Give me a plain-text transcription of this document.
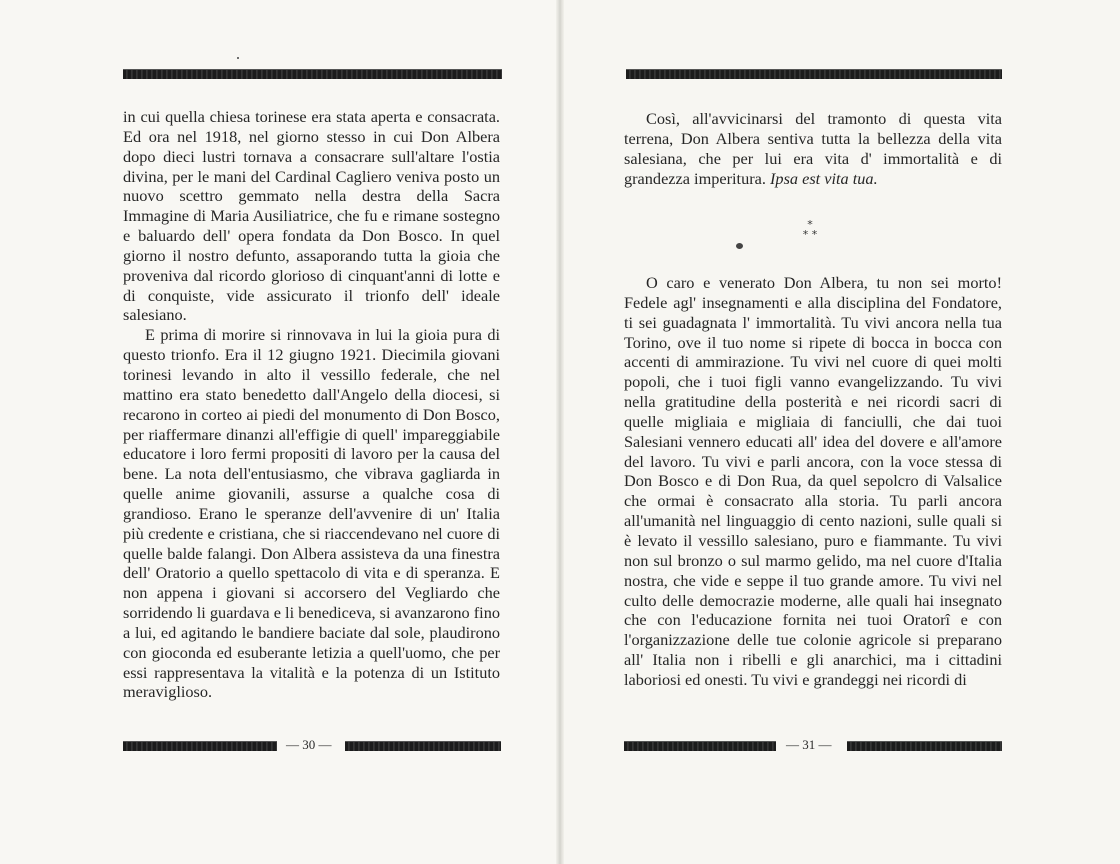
in cui quella chiesa torinese era stata aperta e consacrata. Ed ora nel 1918, nel giorno stesso in cui Don Albera dopo dieci lustri tornava a consacrare sull'altare l'ostia divina, per le mani del Cardinal Cagliero veniva posto un nuovo scettro gemmato nella destra della Sacra Immagine di Maria Ausiliatrice, che fu e rimane sostegno e baluardo dell' opera fondata da Don Bosco. In quel giorno il nostro defunto, assaporando tutta la gioia che proveniva dal ricordo glorioso di cinquant'anni di lotte e di conquiste, vide assicurato il trionfo dell' ideale salesiano.

E prima di morire si rinnovava in lui la gioia pura di questo trionfo. Era il 12 giugno 1921. Diecimila giovani torinesi levando in alto il vessillo federale, che nel mattino era stato benedetto dall'Angelo della diocesi, si recarono in corteo ai piedi del monumento di Don Bosco, per riaffermare dinanzi all'effigie di quell' impareggiabile educatore i loro fermi propositi di lavoro per la causa del bene. La nota dell'entusiasmo, che vibrava gagliarda in quelle anime giovanili, assurse a qualche cosa di grandioso. Erano le speranze dell'avvenire di un' Italia più credente e cristiana, che si riaccendevano nel cuore di quelle balde falangi. Don Albera assisteva da una finestra dell' Oratorio a quello spettacolo di vita e di speranza. E non appena i giovani si accorsero del Vegliardo che sorridendo li guardava e li benediceva, si avanzarono fino a lui, ed agitando le bandiere baciate dal sole, plaudirono con gioconda ed esuberante letizia a quell'uomo, che per essi rappresentava la vitalità e la potenza di un Istituto meraviglioso.

— 30 —

Così, all'avvicinarsi del tramonto di questa vita terrena, Don Albera sentiva tutta la bellezza della vita salesiana, che per lui era vita d' immortalità e di grandezza imperitura. Ipsa est vita tua.

O caro e venerato Don Albera, tu non sei morto! Fedele agl' insegnamenti e alla disciplina del Fondatore, ti sei guadagnata l' immortalità. Tu vivi ancora nella tua Torino, ove il tuo nome si ripete di bocca in bocca con accenti di ammirazione. Tu vivi nel cuore di quei molti popoli, che i tuoi figli vanno evangelizzando. Tu vivi nella gratitudine della posterità e nei ricordi sacri di quelle migliaia e migliaia di fanciulli, che dai tuoi Salesiani vennero educati all' idea del dovere e all'amore del lavoro. Tu vivi e parli ancora, con la voce stessa di Don Bosco e di Don Rua, da quel sepolcro di Valsalice che ormai è consacrato alla storia. Tu parli ancora all'umanità nel linguaggio di cento nazioni, sulle quali si è levato il vessillo salesiano, puro e fiammante. Tu vivi non sul bronzo o sul marmo gelido, ma nel cuore d'Italia nostra, che vide e seppe il tuo grande amore. Tu vivi nel culto delle democrazie moderne, alle quali hai insegnato che con l'educazione fornita nei tuoi Oratorî e con l'organizzazione delle tue colonie agricole si preparano all' Italia non i ribelli e gli anarchici, ma i cittadini laboriosi ed onesti. Tu vivi e grandeggi nei ricordi di

— 31 —
*
* *
